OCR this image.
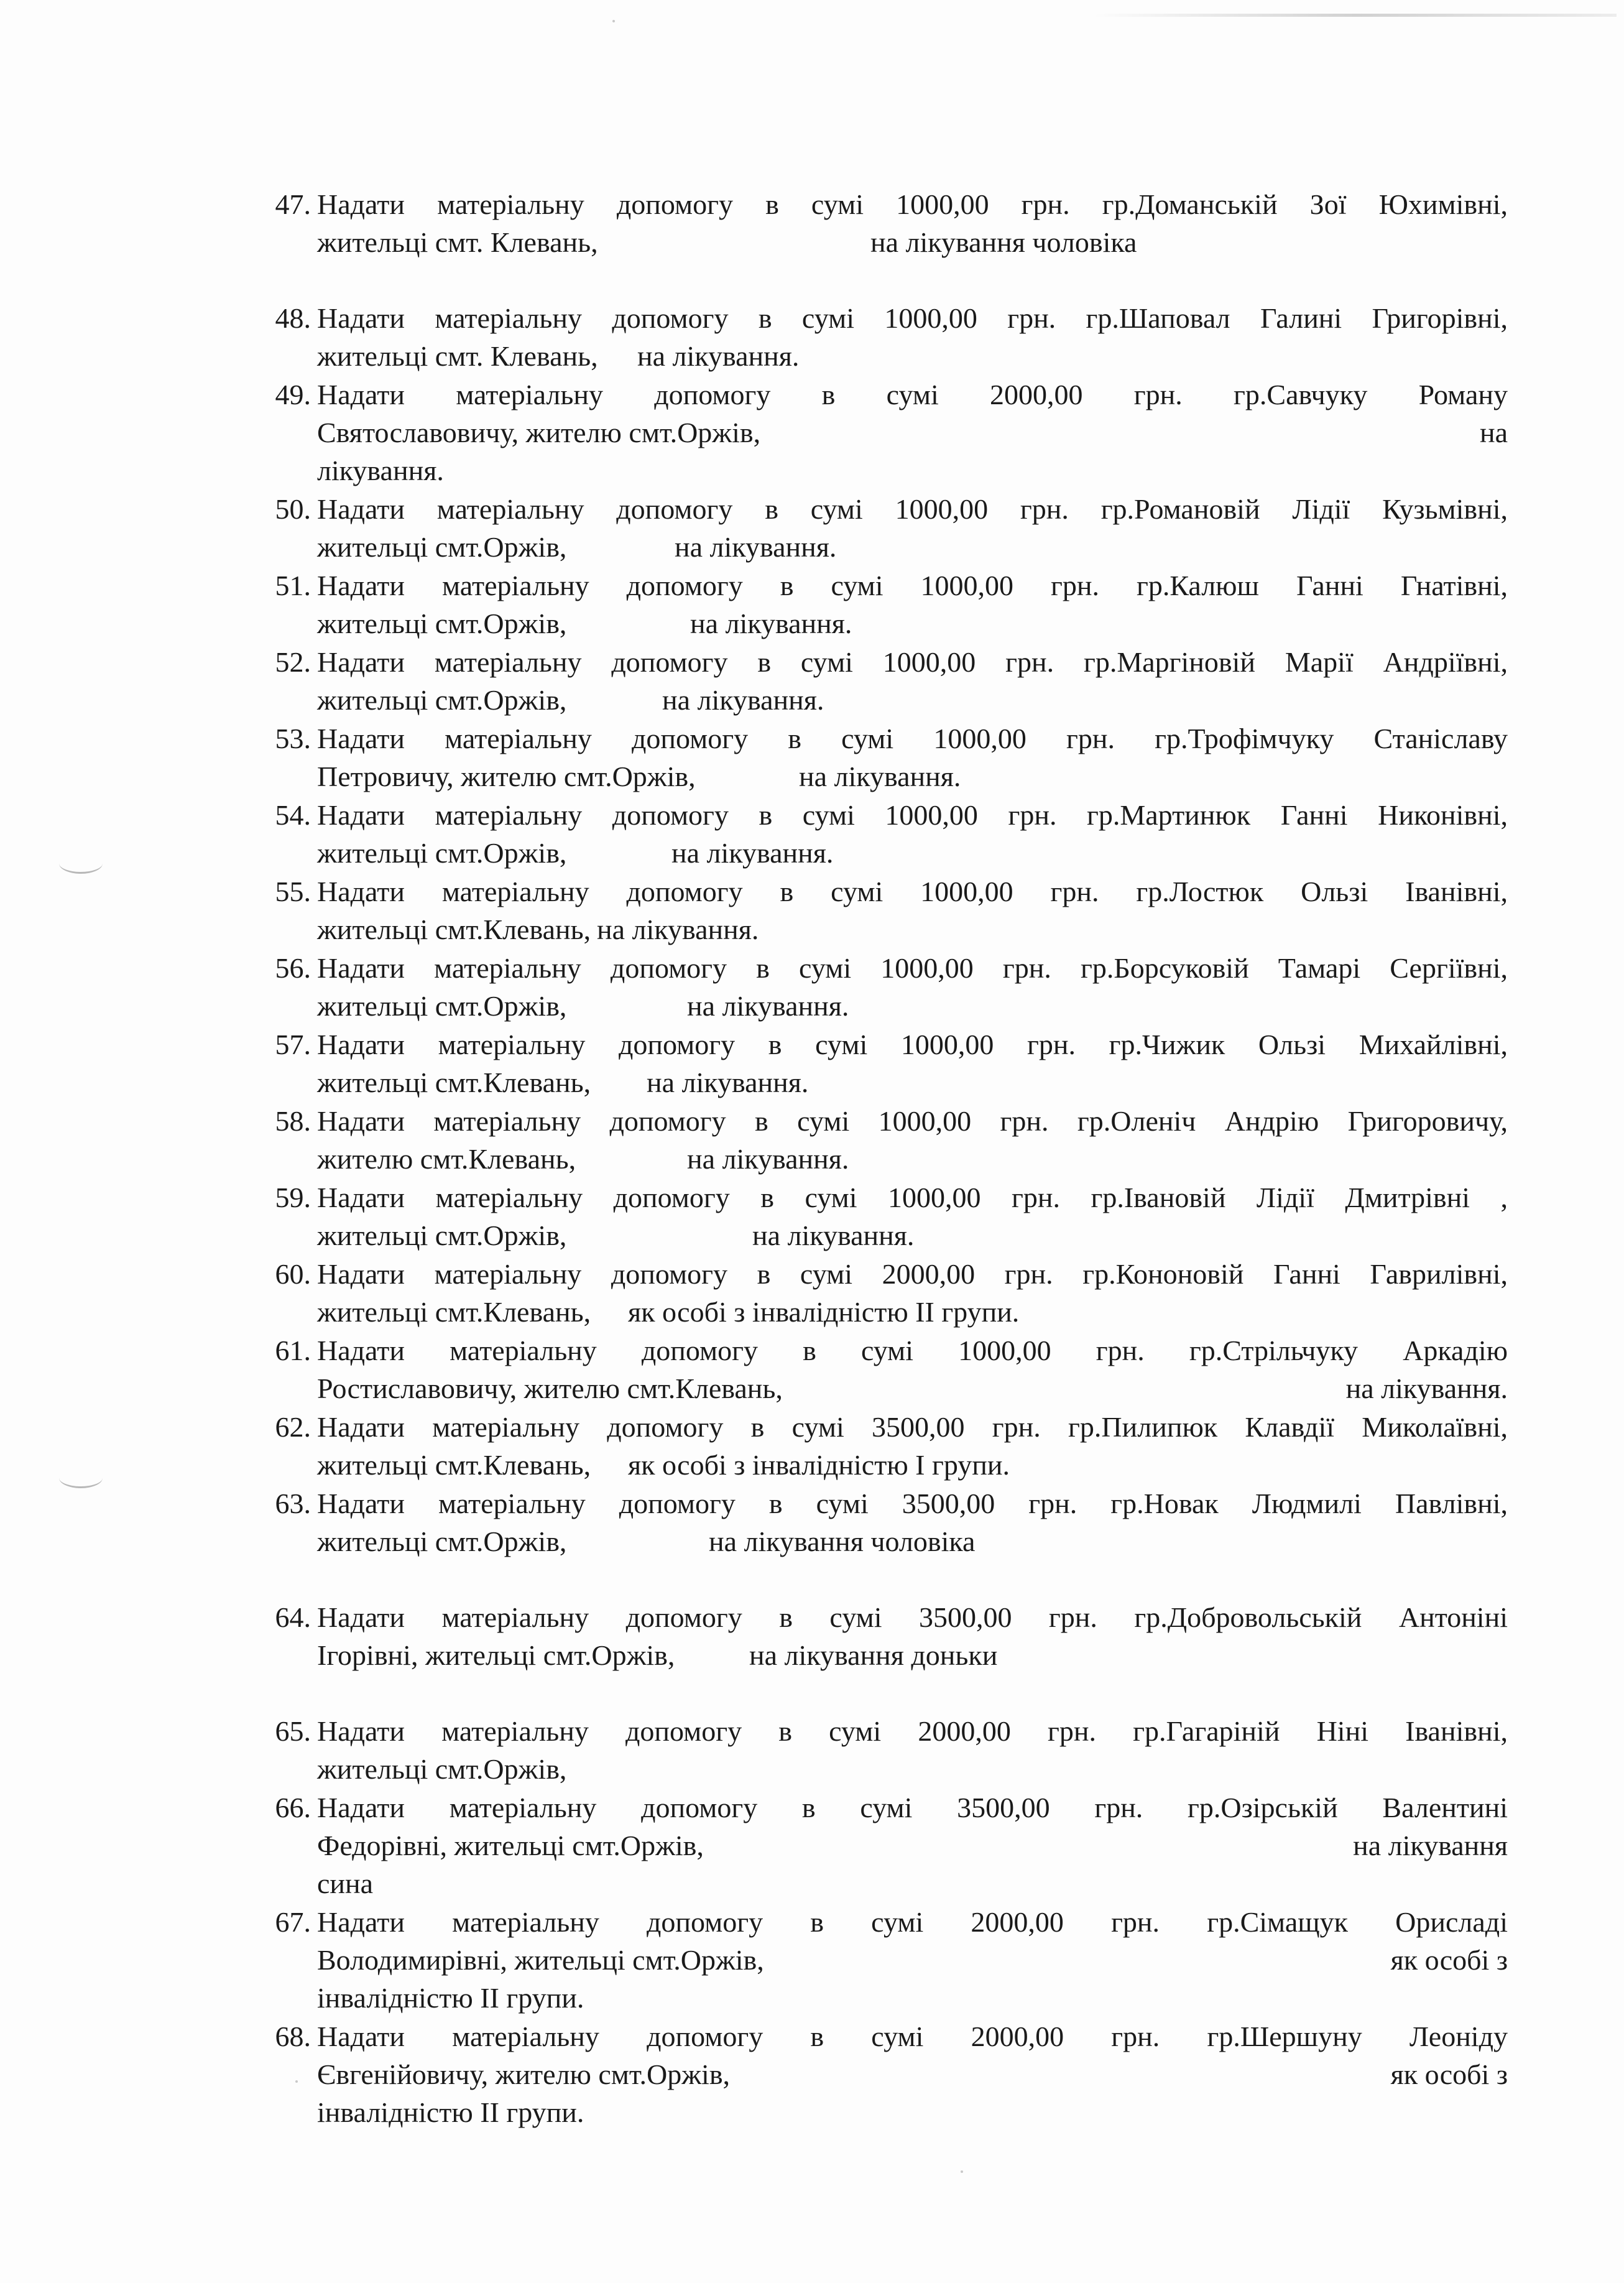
47. Надати матеріальну допомогу в сумі 1000,00 грн. гр.Доманській Зої Юхимівні,
жительці смт. Клевань,	на лікування чоловіка
48. Надати матеріальну допомогу в сумі 1000,00 грн. гр.Шаповал Галині Григорівні,
жительці смт. Клевань, на лікування.
49. Надати матеріальну допомогу в сумі 2000,00 грн. гр.Савчуку Роману
Святославовичу, жителю смт.Оржів,	на
лікування.
50. Надати матеріальну допомогу в сумі 1000,00 грн. гр.Романовій Лідії Кузьмівні,
жительці смт.Оржів,	на лікування.
51. Надати матеріальну допомогу в сумі 1000,00 грн. гр.Калюш Ганні Гнатівні,
жительці смт.Оржів,	на лікування.
52. Надати матеріальну допомогу в сумі 1000,00 грн. гр.Маргіновій Марії Андріївні,
жительці смт.Оржів,	на лікування.
53. Надати матеріальну допомогу в сумі 1000,00 грн. гр.Трофімчуку Станіславу
Петровичу, жителю смт.Оржів,	на лікування.
54. Надати матеріальну допомогу в сумі 1000,00 грн. гр.Мартинюк Ганні Никонівні,
жительці смт.Оржів,	на лікування.
55. Надати матеріальну допомогу в сумі 1000,00 грн. гр.Лостюк Ользі Іванівні,
жительці смт.Клевань, на лікування.
56. Надати матеріальну допомогу в сумі 1000,00 грн. гр.Борсуковій Тамарі Сергіївні,
жительці смт.Оржів,	на лікування.
57. Надати матеріальну допомогу в сумі 1000,00 грн. гр.Чижик Ользі Михайлівні,
жительці смт.Клевань, на лікування.
58. Надати матеріальну допомогу в сумі 1000,00 грн. гр.Оленіч Андрію Григоровичу,
жителю смт.Клевань,	на лікування.
59. Надати матеріальну допомогу в сумі 1000,00 грн. гр.Івановій Лідії Дмитрівні ,
жительці смт.Оржів,	на лікування.
60. Надати матеріальну допомогу в сумі 2000,00 грн. гр.Кононовій Ганні Гаврилівні,
жительці смт.Клевань, як особі з інвалідністю ІІ групи.
61. Надати матеріальну допомогу в сумі 1000,00 грн. гр.Стрільчуку Аркадію
Ростиславовичу, жителю смт.Клевань,	на лікування.
62. Надати матеріальну допомогу в сумі 3500,00 грн. гр.Пилипюк Клавдії Миколаївні,
жительці смт.Клевань, як особі з інвалідністю І групи.
63. Надати матеріальну допомогу в сумі 3500,00 грн. гр.Новак Людмилі Павлівні,
жительці смт.Оржів,	на лікування чоловіка
64. Надати матеріальну допомогу в сумі 3500,00 грн. гр.Добровольській Антоніні
Ігорівні, жительці смт.Оржів,	на лікування доньки
65. Надати матеріальну допомогу в сумі 2000,00 грн. гр.Гагаріній Ніні Іванівні,
жительці смт.Оржів,
66. Надати матеріальну допомогу в сумі 3500,00 грн. гр.Озірській Валентині
Федорівні, жительці смт.Оржів,	на лікування
сина
67. Надати матеріальну допомогу в сумі 2000,00 грн. гр.Сімащук Орисладі
Володимирівні, жительці смт.Оржів,	як особі з
інвалідністю ІІ групи.
68. Надати матеріальну допомогу в сумі 2000,00 грн. гр.Шершуну Леоніду
Євгенійовичу, жителю смт.Оржів,	як особі з
інвалідністю ІІ групи.
